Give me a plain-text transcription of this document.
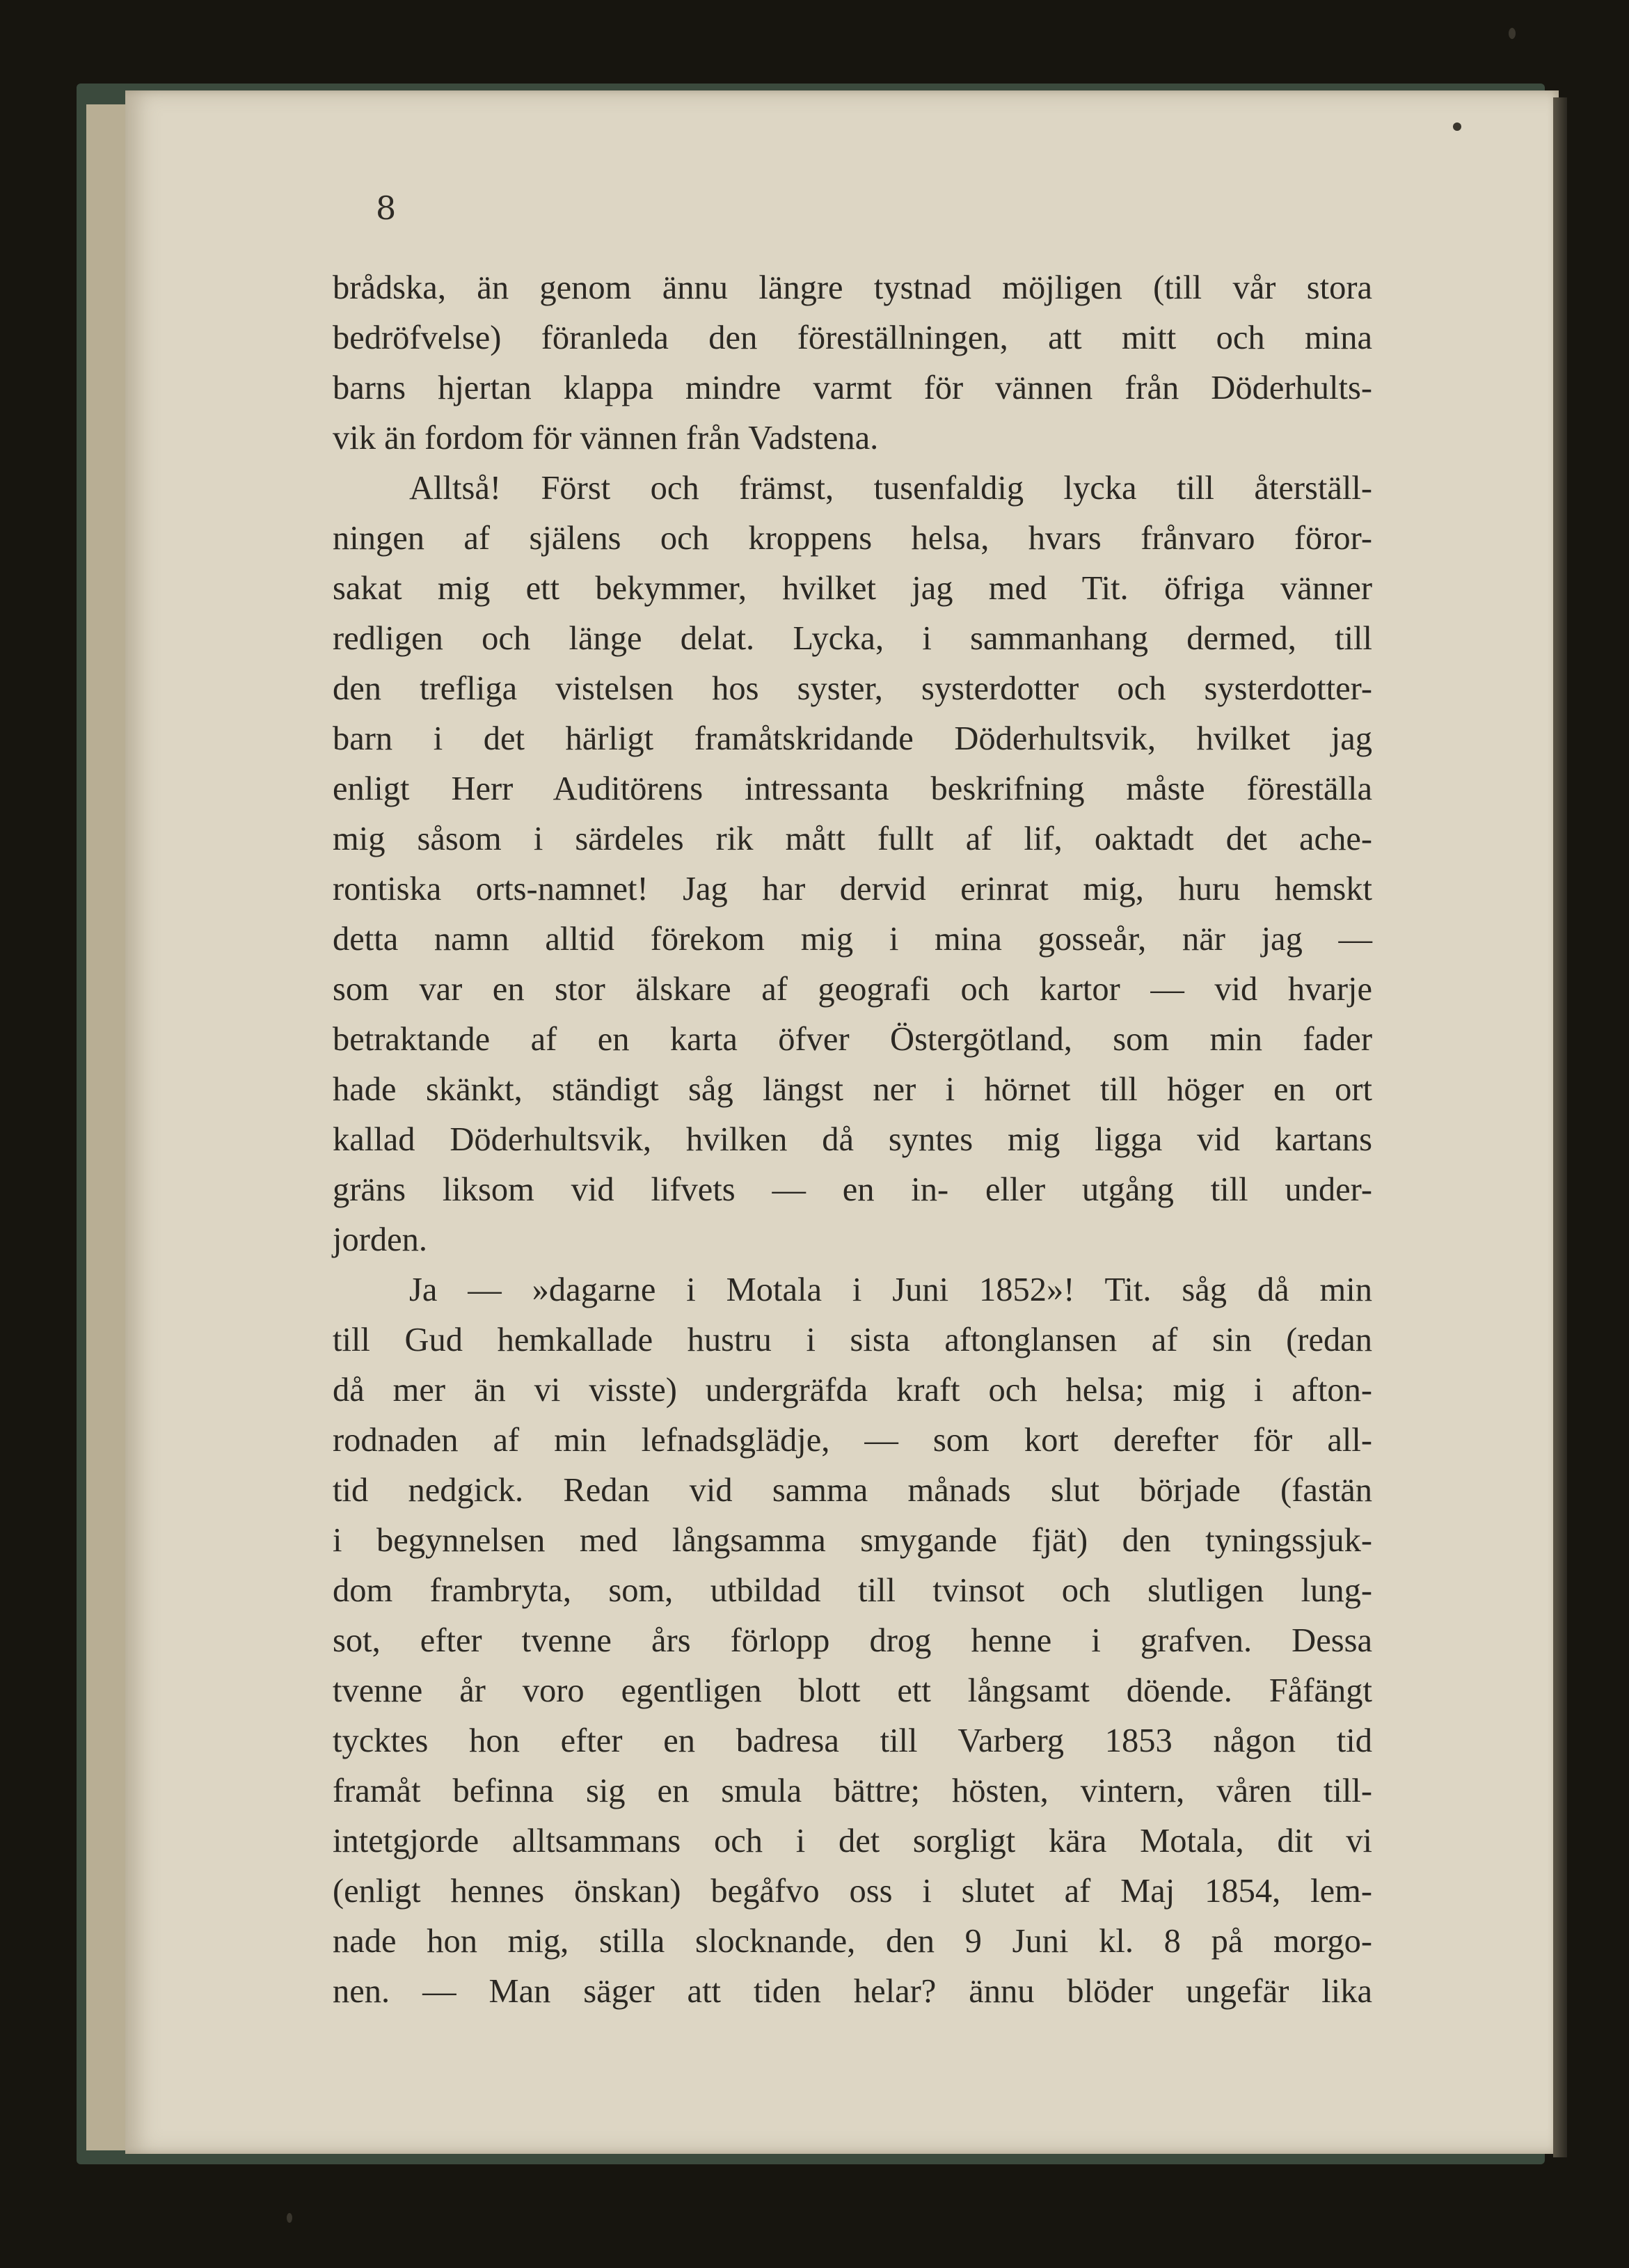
8
brådska, än genom ännu längre tystnad möjligen (till vår stora
bedröfvelse) föranleda den föreställningen, att mitt och mina
barns hjertan klappa mindre varmt för vännen från Döderhults-
vik än fordom för vännen från Vadstena.
Alltså! Först och främst, tusenfaldig lycka till återställ-
ningen af själens och kroppens helsa, hvars frånvaro föror-
sakat mig ett bekymmer, hvilket jag med Tit. öfriga vänner
redligen och länge delat. Lycka, i sammanhang dermed, till
den trefliga vistelsen hos syster, systerdotter och systerdotter-
barn i det härligt framåtskridande Döderhultsvik, hvilket jag
enligt Herr Auditörens intressanta beskrifning måste föreställa
mig såsom i särdeles rik mått fullt af lif, oaktadt det ache-
rontiska orts-namnet! Jag har dervid erinrat mig, huru hemskt
detta namn alltid förekom mig i mina gosseår, när jag —
som var en stor älskare af geografi och kartor — vid hvarje
betraktande af en karta öfver Östergötland, som min fader
hade skänkt, ständigt såg längst ner i hörnet till höger en ort
kallad Döderhultsvik, hvilken då syntes mig ligga vid kartans
gräns liksom vid lifvets — en in- eller utgång till under-
jorden.
Ja — »dagarne i Motala i Juni 1852»! Tit. såg då min
till Gud hemkallade hustru i sista aftonglansen af sin (redan
då mer än vi visste) undergräfda kraft och helsa; mig i afton-
rodnaden af min lefnadsglädje, — som kort derefter för all-
tid nedgick. Redan vid samma månads slut började (fastän
i begynnelsen med långsamma smygande fjät) den tyningssjuk-
dom frambryta, som, utbildad till tvinsot och slutligen lung-
sot, efter tvenne års förlopp drog henne i grafven. Dessa
tvenne år voro egentligen blott ett långsamt döende. Fåfängt
tycktes hon efter en badresa till Varberg 1853 någon tid
framåt befinna sig en smula bättre; hösten, vintern, våren till-
intetgjorde alltsammans och i det sorgligt kära Motala, dit vi
(enligt hennes önskan) begåfvo oss i slutet af Maj 1854, lem-
nade hon mig, stilla slocknande, den 9 Juni kl. 8 på morgo-
nen. — Man säger att tiden helar? ännu blöder ungefär lika
